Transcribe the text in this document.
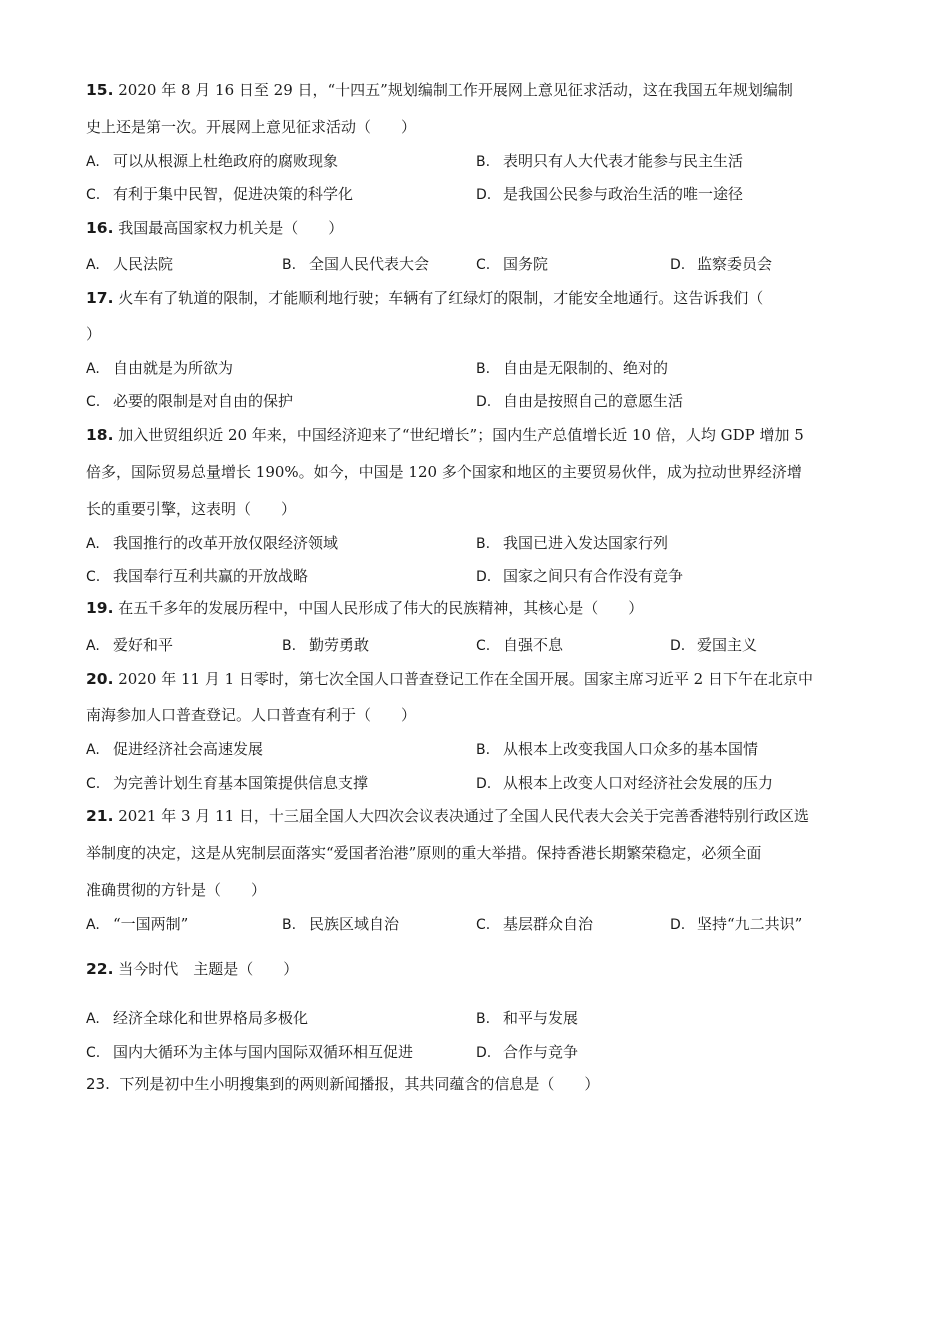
15. 2020 年 8 月 16 日至 29 日，“十四五”规划编制工作开展网上意见征求活动，这在我国五年规划编制
史上还是第一次。开展网上意见征求活动（　　）
A. 可以从根源上杜绝政府的腐败现象	B. 表明只有人大代表才能参与民主生活
C. 有利于集中民智，促进决策的科学化	D. 是我国公民参与政治生活的唯一途径
16. 我国最高国家权力机关是（　　）
A. 人民法院	B. 全国人民代表大会	C. 国务院	D. 监察委员会
17. 火车有了轨道的限制，才能顺利地行驶；车辆有了红绿灯的限制，才能安全地通行。这告诉我们（
）
A. 自由就是为所欲为	B. 自由是无限制的、绝对的
C. 必要的限制是对自由的保护	D. 自由是按照自己的意愿生活
18. 加入世贸组织近 20 年来，中国经济迎来了“世纪增长”；国内生产总值增长近 10 倍，人均 GDP 增加 5
倍多，国际贸易总量增长 190%。如今，中国是 120 多个国家和地区的主要贸易伙伴，成为拉动世界经济增
长的重要引擎，这表明（　　）
A. 我国推行的改革开放仅限经济领域	B. 我国已进入发达国家行列
C. 我国奉行互利共赢的开放战略	D. 国家之间只有合作没有竞争
19. 在五千多年的发展历程中，中国人民形成了伟大的民族精神，其核心是（　　）
A. 爱好和平	B. 勤劳勇敢	C. 自强不息	D. 爱国主义
20. 2020 年 11 月 1 日零时，第七次全国人口普查登记工作在全国开展。国家主席习近平 2 日下午在北京中
南海参加人口普查登记。人口普查有利于（　　）
A. 促进经济社会高速发展	B. 从根本上改变我国人口众多的基本国情
C. 为完善计划生育基本国策提供信息支撑	D. 从根本上改变人口对经济社会发展的压力
21. 2021 年 3 月 11 日，十三届全国人大四次会议表决通过了全国人民代表大会关于完善香港特别行政区选
举制度的决定，这是从宪制层面落实“爱国者治港”原则的重大举措。保持香港长期繁荣稳定，必须全面
准确贯彻的方针是（　　）
A. “一国两制”	B. 民族区域自治	C. 基层群众自治	D. 坚持“九二共识”
22. 当今时代　主题是（　　）
A. 经济全球化和世界格局多极化	B. 和平与发展
C. 国内大循环为主体与国内国际双循环相互促进	D. 合作与竞争
23. 下列是初中生小明搜集到的两则新闻播报，其共同蕴含的信息是（　　）
